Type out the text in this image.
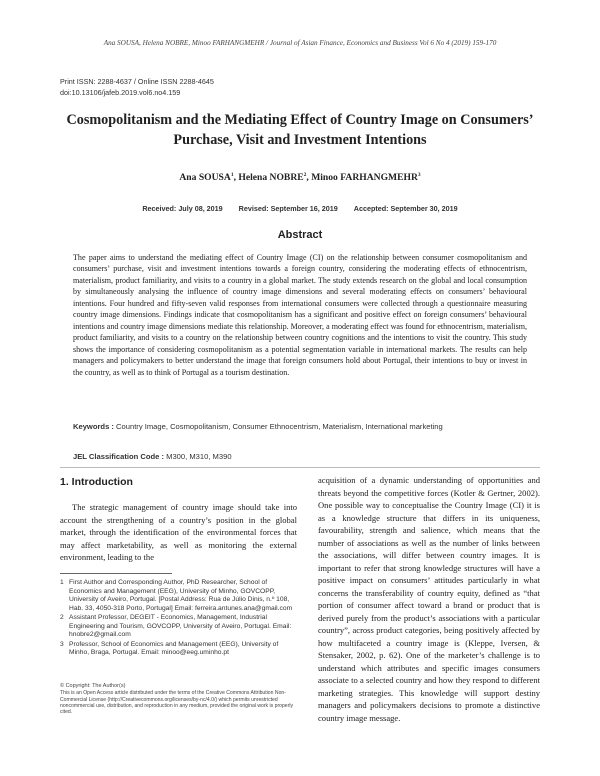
Ana SOUSA, Helena NOBRE, Minoo FARHANGMEHR / Journal of Asian Finance, Economics and Business Vol 6 No 4 (2019) 159-170
Print ISSN: 2288-4637 / Online ISSN 2288-4645
doi:10.13106/jafeb.2019.vol6.no4.159
Cosmopolitanism and the Mediating Effect of Country Image on Consumers’ Purchase, Visit and Investment Intentions
Ana SOUSA$^1$, Helena NOBRE$^2$, Minoo FARHANGMEHR$^3$
Received: July 08, 2019 Revised: September 16, 2019 Accepted: September 30, 2019
Abstract
The paper aims to understand the mediating effect of Country Image (CI) on the relationship between consumer cosmopolitanism and consumers’ purchase, visit and investment intentions towards a foreign country, considering the moderating effects of ethnocentrism, materialism, product familiarity, and visits to a country in a global market. The study extends research on the global and local consumption by simultaneously analysing the influence of country image dimensions and several moderating effects on consumers’ behavioural intentions. Four hundred and fifty-seven valid responses from international consumers were collected through a questionnaire measuring country image dimensions. Findings indicate that cosmopolitanism has a significant and positive effect on foreign consumers’ behavioural intentions and country image dimensions mediate this relationship. Moreover, a moderating effect was found for ethnocentrism, materialism, product familiarity, and visits to a country on the relationship between country cognitions and the intentions to visit the country. This study shows the importance of considering cosmopolitanism as a potential segmentation variable in international markets. The results can help managers and policymakers to better understand the image that foreign consumers hold about Portugal, their intentions to buy or invest in the country, as well as to think of Portugal as a tourism destination.
Keywords : Country Image, Cosmopolitanism, Consumer Ethnocentrism, Materialism, International marketing
JEL Classification Code : M300, M310, M390
1. Introduction

The strategic management of country image should take into account the strengthening of a country’s position in the global market, through the identification of the environmental forces that may affect marketability, as well as monitoring the external environment, leading to the

1 First Author and Corresponding Author, PhD Researcher, School of Economics and Management (EEG), University of Minho, GOVCOPP, University of Aveiro, Portugal. [Postal Address: Rua de Júlio Dinis, n.º 108, Hab. 33, 4050-318 Porto, Portugal] Email: ferreira.antunes.ana@gmail.com
2 Assistant Professor, DEGEIT - Economics, Management, Industrial Engineering and Tourism, GOVCOPP, University of Aveiro, Portugal. Email: hnobre2@gmail.com
3 Professor, School of Economics and Management (EEG), University of Minho, Braga, Portugal. Email: minoo@eeg.uminho.pt
© Copyright: The Author(s)
This is an Open Access article distributed under the terms of the Creative Commons Attribution Non-Commercial License (http://Creativecommons.org/licenses/by-nc/4.0/) which permits unrestricted noncommercial use, distribution, and reproduction in any medium, provided the original work is properly cited.

acquisition of a dynamic understanding of opportunities and threats beyond the competitive forces (Kotler & Gertner, 2002). One possible way to conceptualise the Country Image (CI) it is as a knowledge structure that differs in its uniqueness, favourability, strength and salience, which means that the number of associations as well as the number of links between the associations, will differ between country images. It is important to refer that strong knowledge structures will have a positive impact on consumers’ attitudes particularly in what concerns the transferability of country equity, defined as “that portion of consumer affect toward a brand or product that is derived purely from the product’s associations with a particular country”, across product categories, being positively affected by how multifaceted a country image is (Kleppe, Iversen, & Stensaker, 2002, p. 62). One of the marketer’s challenge is to understand which attributes and specific images consumers associate to a selected country and how they respond to different marketing strategies. This knowledge will support destiny managers and policymakers decisions to promote a distinctive country image message.
